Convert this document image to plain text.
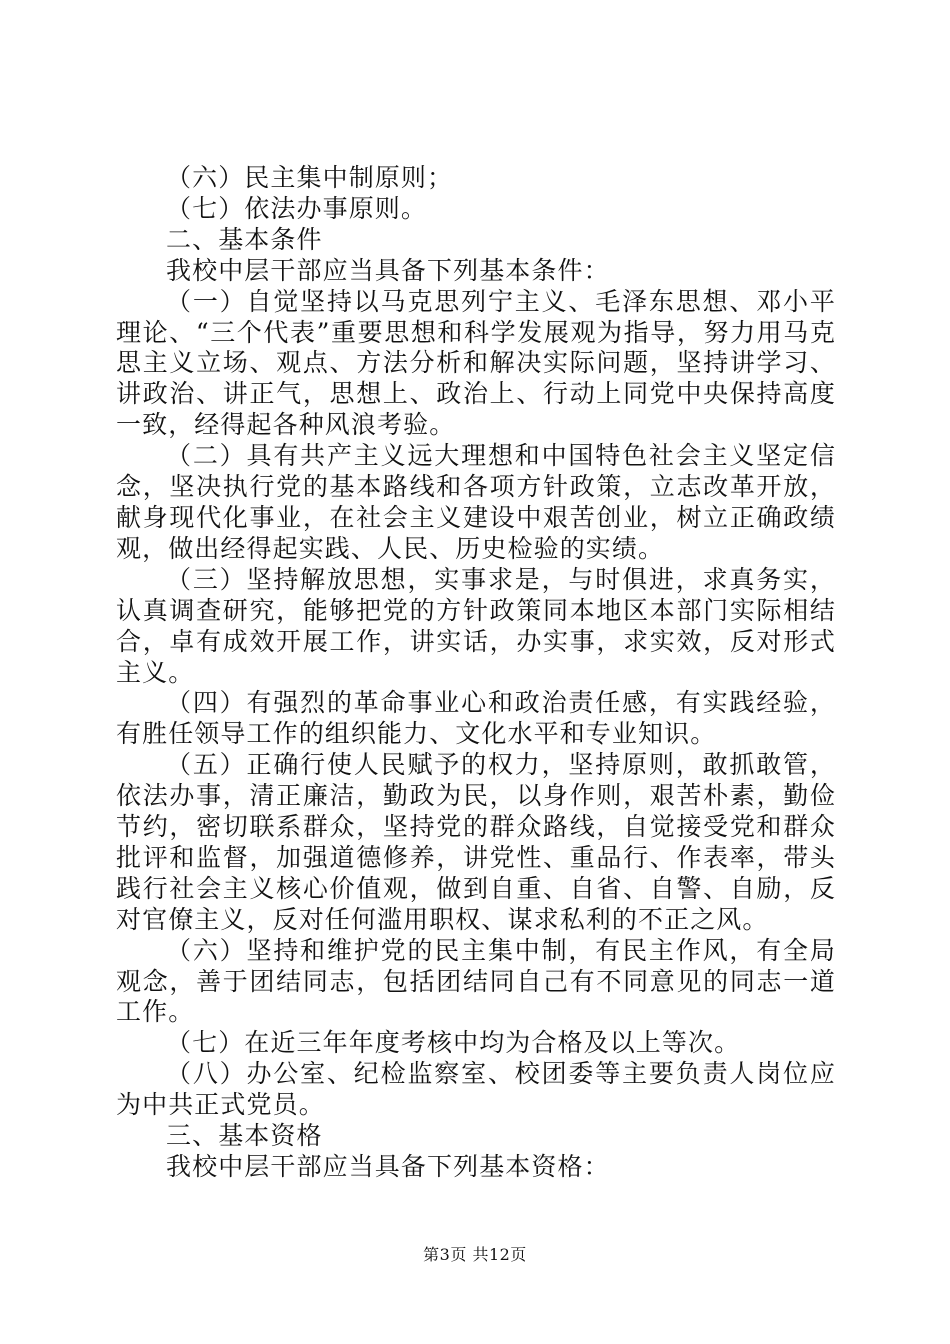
（六）民主集中制原则；

（七）依法办事原则。

二、基本条件

我校中层干部应当具备下列基本条件：

（一）自觉坚持以马克思列宁主义、毛泽东思想、邓小平理论、“三个代表”重要思想和科学发展观为指导，努力用马克思主义立场、观点、方法分析和解决实际问题，坚持讲学习、讲政治、讲正气，思想上、政治上、行动上同党中央保持高度一致，经得起各种风浪考验。

（二）具有共产主义远大理想和中国特色社会主义坚定信念，坚决执行党的基本路线和各项方针政策，立志改革开放，献身现代化事业，在社会主义建设中艰苦创业，树立正确政绩观，做出经得起实践、人民、历史检验的实绩。

（三）坚持解放思想，实事求是，与时俱进，求真务实，认真调查研究，能够把党的方针政策同本地区本部门实际相结合，卓有成效开展工作，讲实话，办实事，求实效，反对形式主义。

（四）有强烈的革命事业心和政治责任感，有实践经验，有胜任领导工作的组织能力、文化水平和专业知识。

（五）正确行使人民赋予的权力，坚持原则，敢抓敢管，依法办事，清正廉洁，勤政为民，以身作则，艰苦朴素，勤俭节约，密切联系群众，坚持党的群众路线，自觉接受党和群众批评和监督，加强道德修养，讲党性、重品行、作表率，带头践行社会主义核心价值观，做到自重、自省、自警、自励，反对官僚主义，反对任何滥用职权、谋求私利的不正之风。

（六）坚持和维护党的民主集中制，有民主作风，有全局观念，善于团结同志，包括团结同自己有不同意见的同志一道工作。

（七）在近三年年度考核中均为合格及以上等次。

（八）办公室、纪检监察室、校团委等主要负责人岗位应为中共正式党员。

三、基本资格

我校中层干部应当具备下列基本资格：

第3页 共12页
